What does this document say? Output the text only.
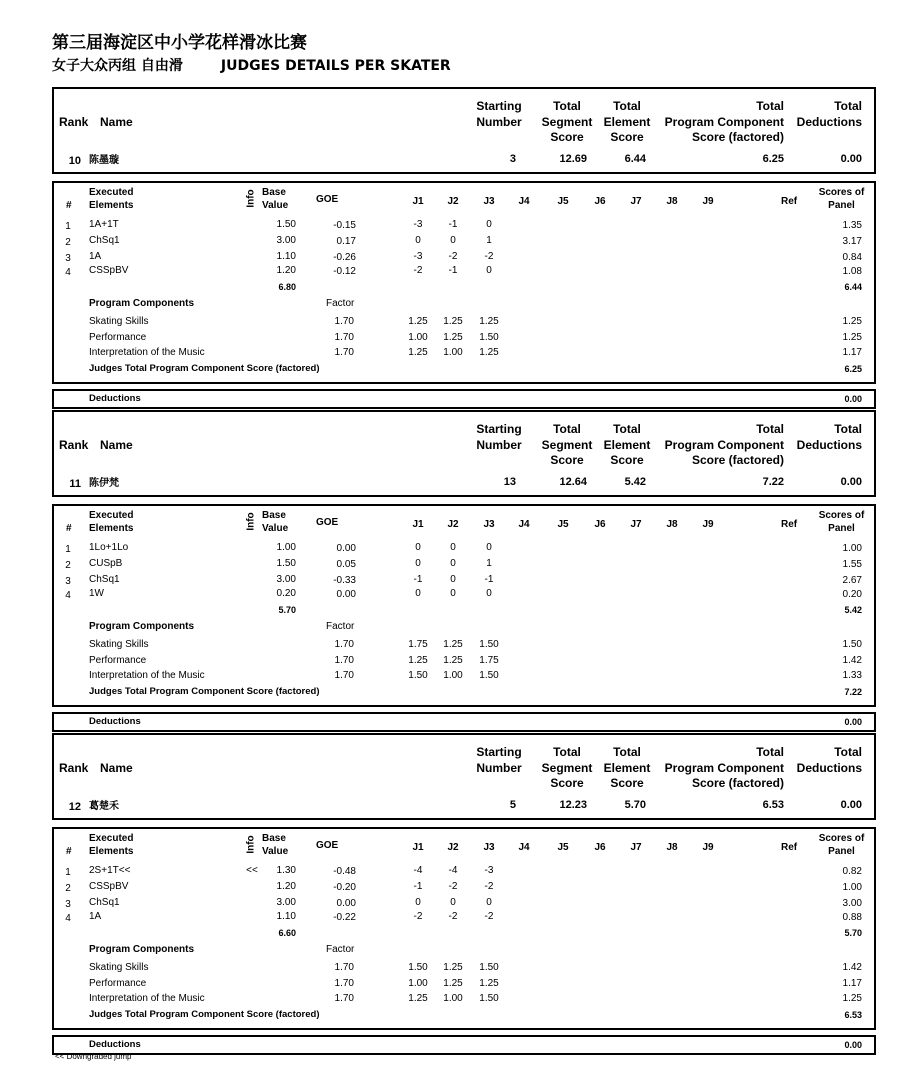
第三届海淀区中小学花样滑冰比赛
女子大众丙组 自由滑	JUDGES DETAILS PER SKATER
Rank Name
Starting
Number
Total
Segment
Score
Total
Element
Score
Total
Program Component
Score (factored)
Total
Deductions
10 陈墨璇	3	12.69	6.44	6.25	0.00
#
Executed
Elements	Info Base
Value
GOE	J1	J2	J3	J4	J5	J6	J7	J8	J9	Ref
Scores of
Panel
1	1A+1T	1.50	-0.15	-3	-1	0	1.35
2	ChSq1	3.00	0.17	0	0	1	3.17
3	1A	1.10	-0.26	-3	-2	-2	0.84
4	CSSpBV	1.20	-0.12	-2	-1	0	1.08
6.80	6.44
Program Components	Factor
Skating Skills	1.70	1.25	1.25	1.25	1.25
Performance	1.70	1.00	1.25	1.50	1.25
Interpretation of the Music	1.70	1.25	1.00	1.25	1.17
Judges Total Program Component Score (factored)	6.25
Deductions	0.00
Rank Name
Starting
Number
Total
Segment
Score
Total
Element
Score
Total
Program Component
Score (factored)
Total
Deductions
11 陈伊梵	13	12.64	5.42	7.22	0.00
#
Executed
Elements	Info Base
Value
GOE	J1	J2	J3	J4	J5	J6	J7	J8	J9	Ref
Scores of
Panel
1	1Lo+1Lo	1.00	0.00	0	0	0	1.00
2	CUSpB	1.50	0.05	0	0	1	1.55
3	ChSq1	3.00	-0.33	-1	0	-1	2.67
4	1W	0.20	0.00	0	0	0	0.20
5.70	5.42
Program Components	Factor
Skating Skills	1.70	1.75	1.25	1.50	1.50
Performance	1.70	1.25	1.25	1.75	1.42
Interpretation of the Music	1.70	1.50	1.00	1.50	1.33
Judges Total Program Component Score (factored)	7.22
Deductions	0.00
Rank Name
Starting
Number
Total
Segment
Score
Total
Element
Score
Total
Program Component
Score (factored)
Total
Deductions
12 葛楚禾	5	12.23	5.70	6.53	0.00
#
Executed
Elements	Info Base
Value
GOE	J1	J2	J3	J4	J5	J6	J7	J8	J9	Ref
Scores of
Panel
1	2S+1T<<	<<	1.30	-0.48	-4	-4	-3	0.82
2	CSSpBV	1.20	-0.20	-1	-2	-2	1.00
3	ChSq1	3.00	0.00	0	0	0	3.00
4	1A	1.10	-0.22	-2	-2	-2	0.88
6.60	5.70
Program Components	Factor
Skating Skills	1.70	1.50	1.25	1.50	1.42
Performance	1.70	1.00	1.25	1.25	1.17
Interpretation of the Music	1.70	1.25	1.00	1.50	1.25
Judges Total Program Component Score (factored)	6.53
Deductions	0.00
<< Downgraded jump
